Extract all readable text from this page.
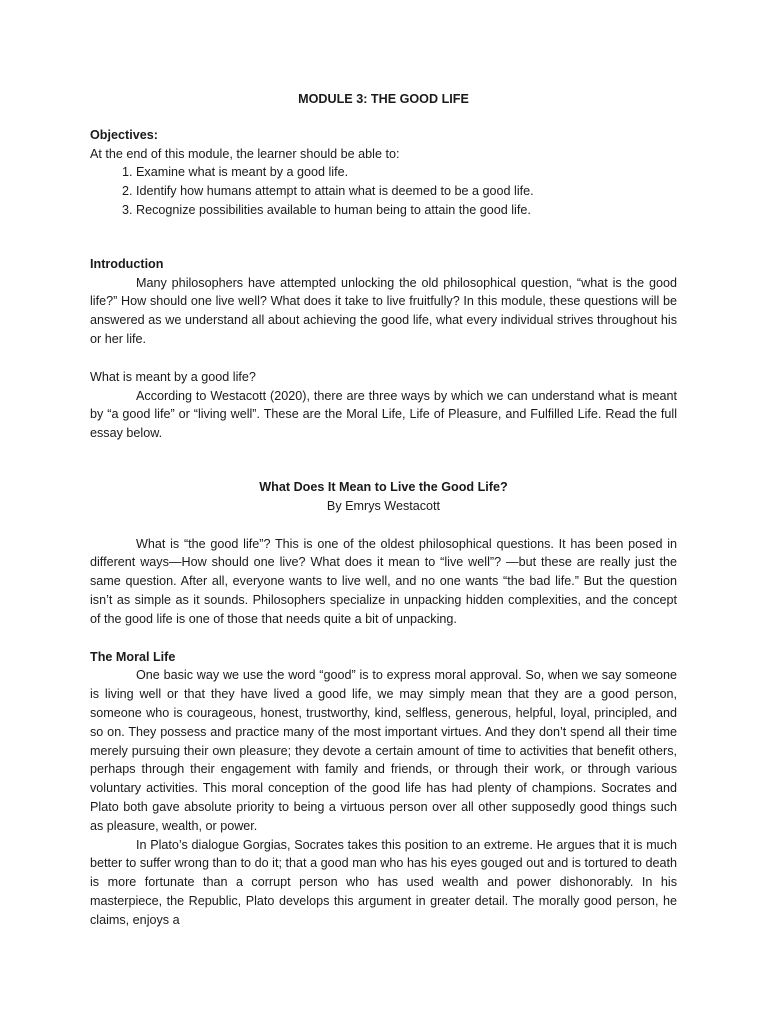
MODULE 3: THE GOOD LIFE

Objectives:

At the end of this module, the learner should be able to:

1. Examine what is meant by a good life.
2. Identify how humans attempt to attain what is deemed to be a good life.
3. Recognize possibilities available to human being to attain the good life.

Introduction

Many philosophers have attempted unlocking the old philosophical question, “what is the good life?” How should one live well? What does it take to live fruitfully? In this module, these questions will be answered as we understand all about achieving the good life, what every individual strives throughout his or her life.

What is meant by a good life?

According to Westacott (2020), there are three ways by which we can understand what is meant by “a good life” or “living well”. These are the Moral Life, Life of Pleasure, and Fulfilled Life. Read the full essay below.

What Does It Mean to Live the Good Life?

By Emrys Westacott

What is “the good life”? This is one of the oldest philosophical questions. It has been posed in different ways—How should one live? What does it mean to “live well”? —but these are really just the same question. After all, everyone wants to live well, and no one wants “the bad life.” But the question isn’t as simple as it sounds. Philosophers specialize in unpacking hidden complexities, and the concept of the good life is one of those that needs quite a bit of unpacking.

The Moral Life

One basic way we use the word “good” is to express moral approval. So, when we say someone is living well or that they have lived a good life, we may simply mean that they are a good person, someone who is courageous, honest, trustworthy, kind, selfless, generous, helpful, loyal, principled, and so on. They possess and practice many of the most important virtues. And they don’t spend all their time merely pursuing their own pleasure; they devote a certain amount of time to activities that benefit others, perhaps through their engagement with family and friends, or through their work, or through various voluntary activities. This moral conception of the good life has had plenty of champions. Socrates and Plato both gave absolute priority to being a virtuous person over all other supposedly good things such as pleasure, wealth, or power.

In Plato’s dialogue Gorgias, Socrates takes this position to an extreme. He argues that it is much better to suffer wrong than to do it; that a good man who has his eyes gouged out and is tortured to death is more fortunate than a corrupt person who has used wealth and power dishonorably. In his masterpiece, the Republic, Plato develops this argument in greater detail. The morally good person, he claims, enjoys a
